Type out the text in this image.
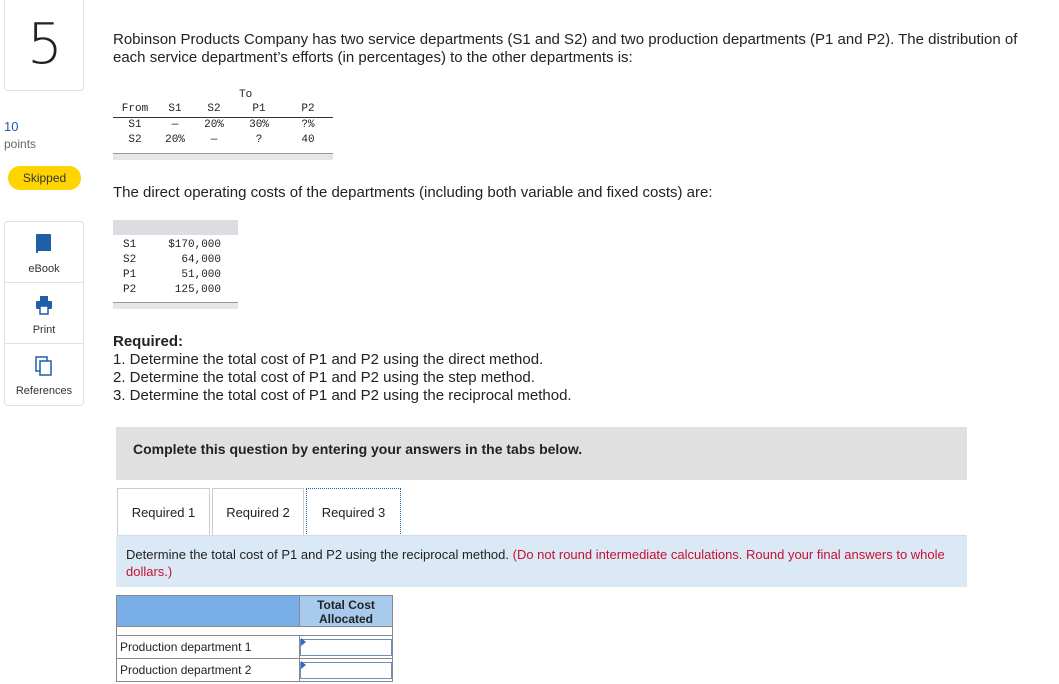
5
10
points
Skipped
eBook
Print
References
Robinson Products Company has two service departments (S1 and S2) and two production departments (P1 and P2). The distribution of each service department’s efforts (in percentages) to the other departments is:
			To		
From	S1	S2	P1	P2	
S1	—	20%	30%	?%	
S2	20%	—	?	40	
The direct operating costs of the departments (including both variable and fixed costs) are:
S1	$170,000
S2	64,000
P1	51,000
P2	125,000
Required:
1. Determine the total cost of P1 and P2 using the direct method.
2. Determine the total cost of P1 and P2 using the step method.
3. Determine the total cost of P1 and P2 using the reciprocal method.
Complete this question by entering your answers in the tabs below.
Required 1	Required 2	Required 3
Determine the total cost of P1 and P2 using the reciprocal method. (Do not round intermediate calculations. Round your final answers to whole dollars.)
	Total Cost
Allocated

Production department 1	

Production department 2	
